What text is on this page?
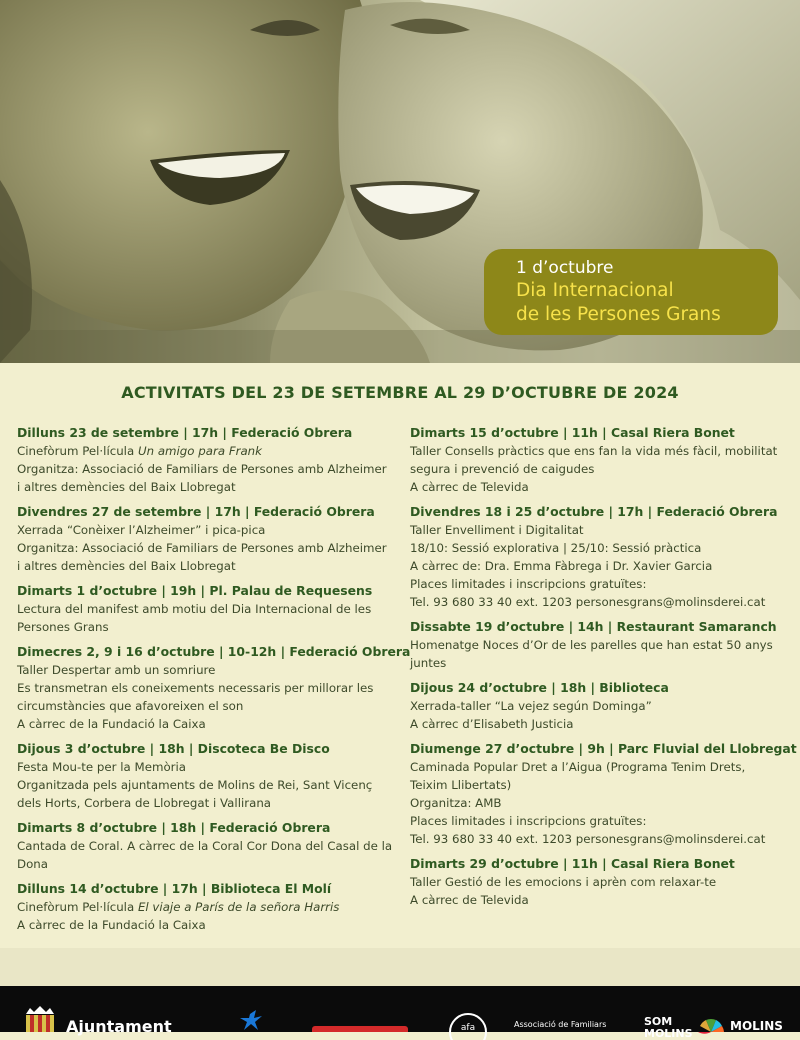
1 d’octubre
Dia Internacional
de les Persones Grans
ACTIVITATS DEL 23 DE SETEMBRE AL 29 D’OCTUBRE DE 2024
Dilluns 23 de setembre | 17h | Federació Obrera
Cinefòrum Pel·lícula Un amigo para Frank
Organitza: Associació de Familiars de Persones amb Alzheimer
i altres demències del Baix Llobregat
Divendres 27 de setembre | 17h | Federació Obrera
Xerrada “Conèixer l’Alzheimer” i pica-pica
Organitza: Associació de Familiars de Persones amb Alzheimer
i altres demències del Baix Llobregat
Dimarts 1 d’octubre | 19h | Pl. Palau de Requesens
Lectura del manifest amb motiu del Dia Internacional de les
Persones Grans
Dimecres 2, 9 i 16 d’octubre | 10-12h | Federació Obrera
Taller Despertar amb un somriure
Es transmetran els coneixements necessaris per millorar les
circumstàncies que afavoreixen el son
A càrrec de la Fundació la Caixa
Dijous 3 d’octubre | 18h | Discoteca Be Disco
Festa Mou-te per la Memòria
Organitzada pels ajuntaments de Molins de Rei, Sant Vicenç
dels Horts, Corbera de Llobregat i Vallirana
Dimarts 8 d’octubre | 18h | Federació Obrera
Cantada de Coral. A càrrec de la Coral Cor Dona del Casal de la
Dona
Dilluns 14 d’octubre | 17h | Biblioteca El Molí
Cinefòrum Pel·lícula El viaje a París de la señora Harris
A càrrec de la Fundació la Caixa
Dimarts 15 d’octubre | 11h | Casal Riera Bonet
Taller Consells pràctics que ens fan la vida més fàcil, mobilitat
segura i prevenció de caigudes
A càrrec de Televida
Divendres 18 i 25 d’octubre | 17h | Federació Obrera
Taller Envelliment i Digitalitat
18/10: Sessió explorativa | 25/10: Sessió pràctica
A càrrec de: Dra. Emma Fàbrega i Dr. Xavier Garcia
Places limitades i inscripcions gratuïtes:
Tel. 93 680 33 40 ext. 1203 personesgrans@molinsderei.cat
Dissabte 19 d’octubre | 14h | Restaurant Samaranch
Homenatge Noces d’Or de les parelles que han estat 50 anys
juntes
Dijous 24 d’octubre | 18h | Biblioteca
Xerrada-taller “La vejez según Dominga”
A càrrec d’Elisabeth Justicia
Diumenge 27 d’octubre | 9h | Parc Fluvial del Llobregat
Caminada Popular Dret a l’Aigua (Programa Tenim Drets,
Teixim Llibertats)
Organitza: AMB
Places limitades i inscripcions gratuïtes:
Tel. 93 680 33 40 ext. 1203 personesgrans@molinsderei.cat
Dimarts 29 d’octubre | 11h | Casal Riera Bonet
Taller Gestió de les emocions i aprèn com relaxar-te
A càrrec de Televida
Ajuntament	afa	Associació de Familiars	SOM
MOLINS
MOLINS
